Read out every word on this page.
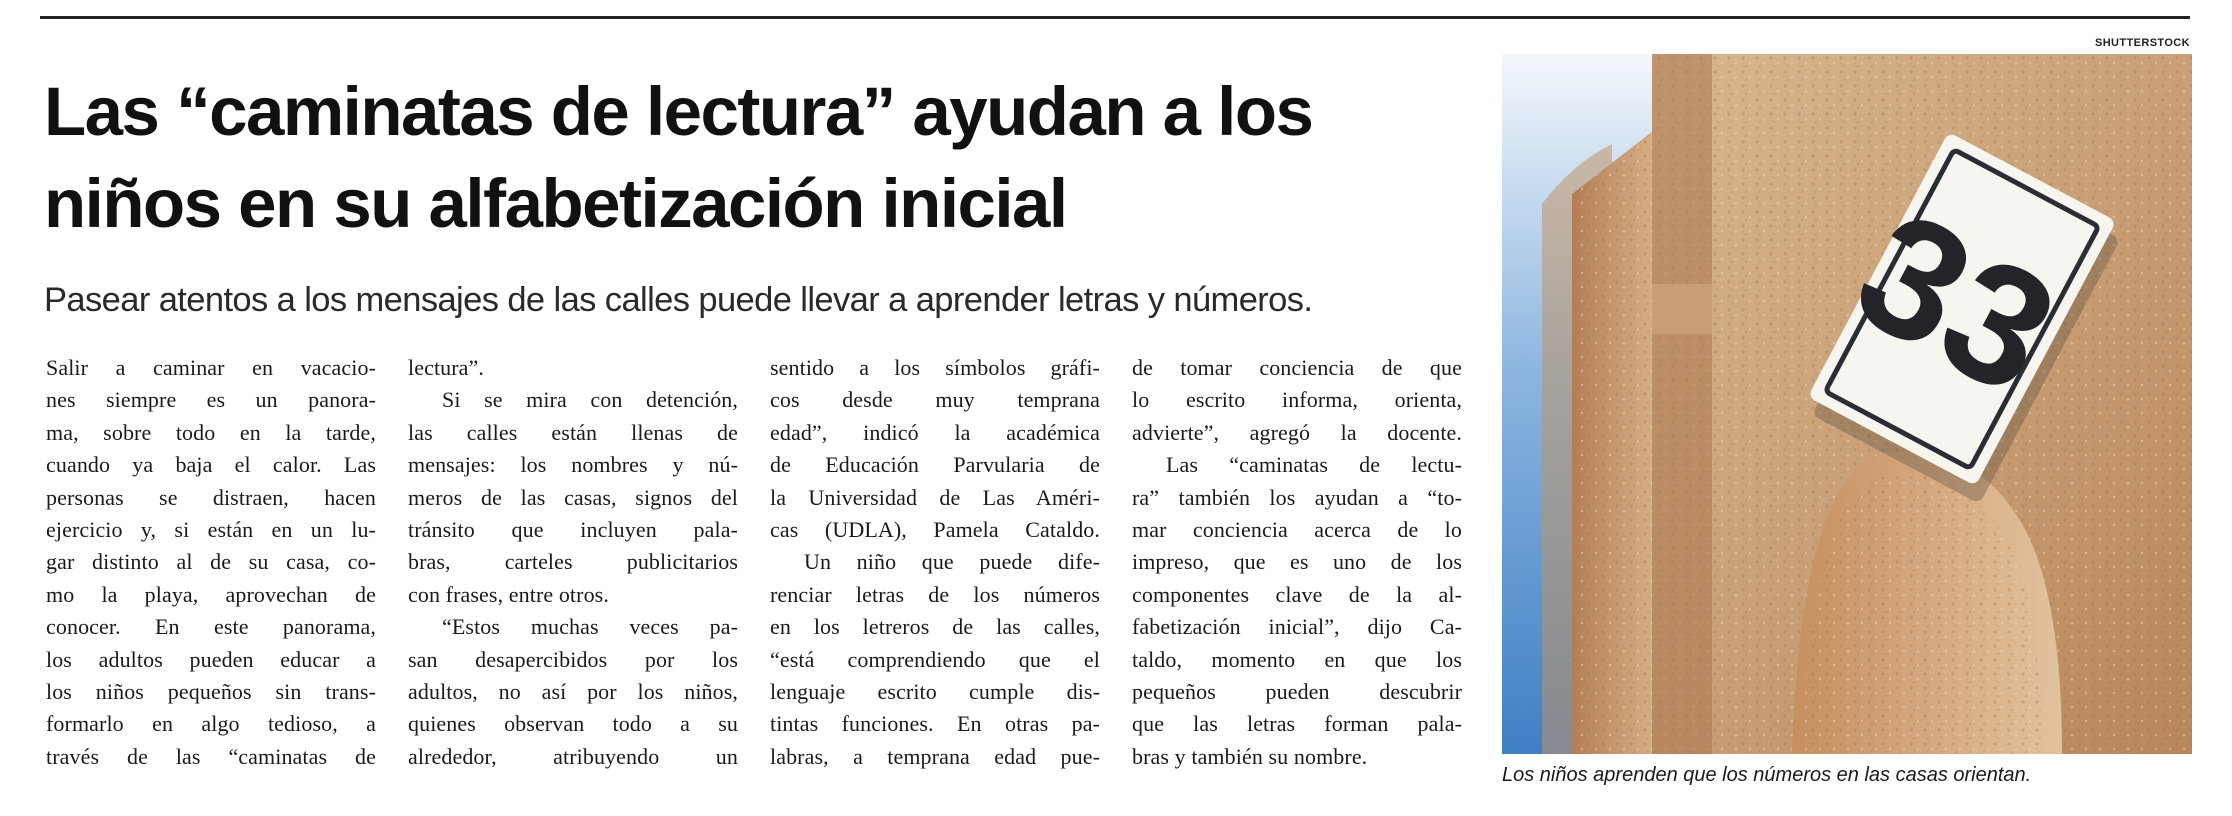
Las “caminatas de lectura” ayudan a los
niños en su alfabetización inicial
Pasear atentos a los mensajes de las calles puede llevar a aprender letras y números.
Salir a caminar en vacacio-
nes siempre es un panora-
ma, sobre todo en la tarde,
cuando ya baja el calor. Las
personas se distraen, hacen
ejercicio y, si están en un lu-
gar distinto al de su casa, co-
mo la playa, aprovechan de
conocer. En este panorama,
los adultos pueden educar a
los niños pequeños sin trans-
formarlo en algo tedioso, a
través de las “caminatas de
lectura”.
Si se mira con detención,
las calles están llenas de
mensajes: los nombres y nú-
meros de las casas, signos del
tránsito que incluyen pala-
bras, carteles publicitarios
con frases, entre otros.
“Estos muchas veces pa-
san desapercibidos por los
adultos, no así por los niños,
quienes observan todo a su
alrededor, atribuyendo un
sentido a los símbolos gráfi-
cos desde muy temprana
edad”, indicó la académica
de Educación Parvularia de
la Universidad de Las Améri-
cas (UDLA), Pamela Cataldo.
Un niño que puede dife-
renciar letras de los números
en los letreros de las calles,
“está comprendiendo que el
lenguaje escrito cumple dis-
tintas funciones. En otras pa-
labras, a temprana edad pue-
de tomar conciencia de que
lo escrito informa, orienta,
advierte”, agregó la docente.
Las “caminatas de lectu-
ra” también los ayudan a “to-
mar conciencia acerca de lo
impreso, que es uno de los
componentes clave de la al-
fabetización inicial”, dijo Ca-
taldo, momento en que los
pequeños pueden descubrir
que las letras forman pala-
bras y también su nombre.
SHUTTERSTOCK
33
Los niños aprenden que los números en las casas orientan.
